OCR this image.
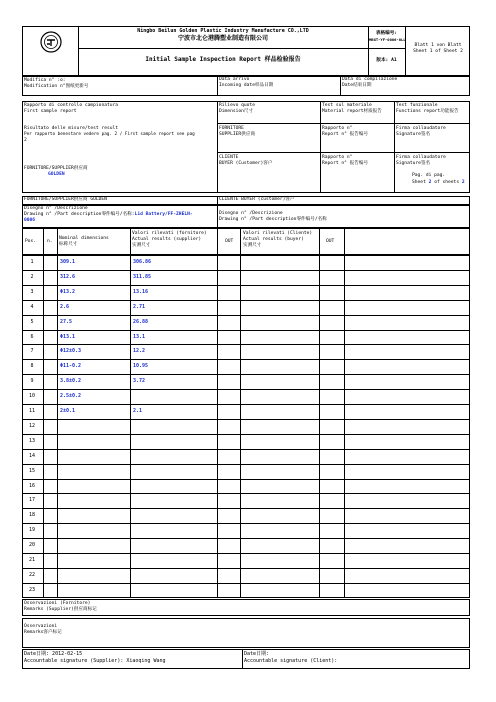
Ningbo Beilun Golden Plastic Industry Manufacture CO.,LTD
宁波市北仑港腾塑业制造有限公司
Initial Sample Inspection Report 样品检验报告
表格编号:
MBGT-YF-0006-0LL
版本: A1
Blatt 1 von Blatt
Sheet 1 of Sheet 2
Modifica n° :o:
Modification n°图纸更新号
Data arrivo
Incoming date样品日期
Data di compilazione
Date结束日期
Rapporto di controllo campionatura
First sample report
Rilievo quote
Dimension尺寸
Test sul materiale
Material report材质报告
Test funzionale
Functions report功能报告
Risultato delle misure/test result
Per rapporto benestare vedere pag. 2 / First sample report see pag
2
FORNITORE
SUPPLIER供应商
Rapporto n°
Report n° 报告编号
Firma collaudatore
Signature签名
FORNITORE/SUPPLIER供应商
GOLDEN
CLIENTE
BUYER (Customer)客户
Rapporto n°
Report n° 报告编号
Firma collaudatore
Signature签名
Pag. di pag.
Sheet 2 of sheets 2
FORNITORE/SUPPLIER供应商 GOLDEN	CLIENTE BUYER (customer)客户
Disegno n° /Descrizione
Drawing n° /Part description零件编号/名称:Lid Battery/FF-ZHELN-
0006
Disegno n° /Descrizione
Drawing n° /Part description零件编号/名称
Pos. n.
Nominal dimensions
标称尺寸
Valori rilevati (fornitore)
Actual results (supplier)
实测尺寸
OUT
Valori rilevati (Cliente)
Actual results (buyer)
实测尺寸
OUT
1	309.1	306.86
2	312.6	311.85
3	Φ13.2	13.16
4	2.6	2.71
5	27.5	26.88
6	Φ13.1	13.1
7	Φ12±0.3	12.2
8	Φ11-0.2	10.95
9	3.8±0.2	3.72
10	2.5±0.2
11	2±0.1	2.1
12
13
14
15
16
17
18
19
20
21
22
23
Osservazioni (Fornitore)
Remarks (Supplier)供应商标记
Osservazioni
Remarks客户标记
Date日期: 2012-02-15
Accountable signature (Supplier): Xiaoqing Wang
Date日期:
Accountable signature (Client):
